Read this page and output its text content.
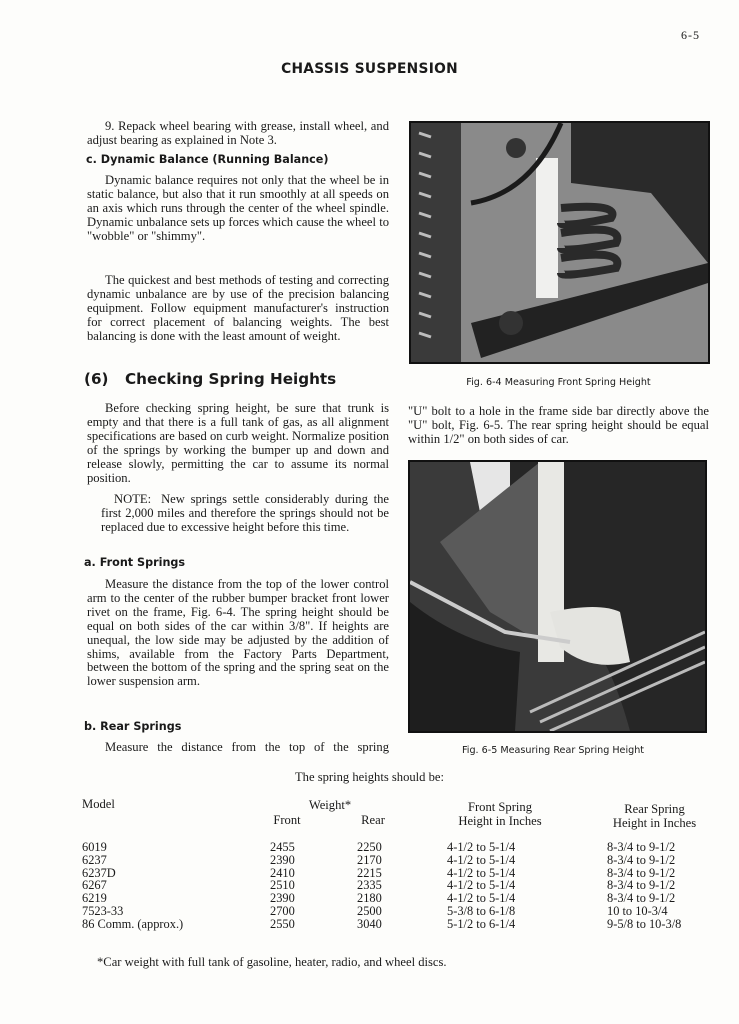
6-5
CHASSIS SUSPENSION
9. Repack wheel bearing with grease, install wheel, and adjust bearing as explained in Note 3.
c. Dynamic Balance (Running Balance)
Dynamic balance requires not only that the wheel be in static balance, but also that it run smoothly at all speeds on an axis which runs through the center of the wheel spindle. Dynamic unbalance sets up forces which cause the wheel to "wobble" or "shimmy".
The quickest and best methods of testing and correcting dynamic unbalance are by use of the precision balancing equipment. Follow equipment manufacturer's instruction for correct placement of balancing weights. The best balancing is done with the least amount of weight.
(6) Checking Spring Heights
Before checking spring height, be sure that trunk is empty and that there is a full tank of gas, as all alignment specifications are based on curb weight. Normalize position of the springs by working the bumper up and down and release slowly, permitting the car to assume its normal position.
NOTE: New springs settle considerably during the first 2,000 miles and therefore the springs should not be replaced due to excessive height before this time.
a. Front Springs
Measure the distance from the top of the lower control arm to the center of the rubber bumper bracket front lower rivet on the frame, Fig. 6-4. The spring height should be equal on both sides of the car within 3/8". If heights are unequal, the low side may be adjusted by the addition of shims, available from the Factory Parts Department, between the bottom of the spring and the spring seat on the lower suspension arm.
b. Rear Springs
Measure the distance from the top of the spring
Fig. 6-4 Measuring Front Spring Height
"U" bolt to a hole in the frame side bar directly above the "U" bolt, Fig. 6-5. The rear spring height should be equal within 1/2" on both sides of car.
Fig. 6-5 Measuring Rear Spring Height
The spring heights should be:
Model	Weight*
Front	Rear
Front Spring
Height in Inches
Rear Spring
Height in Inches
6019	2455	2250	4-1/2 to 5-1/4	8-3/4 to 9-1/2
6237	2390	2170	4-1/2 to 5-1/4	8-3/4 to 9-1/2
6237D	2410	2215	4-1/2 to 5-1/4	8-3/4 to 9-1/2
6267	2510	2335	4-1/2 to 5-1/4	8-3/4 to 9-1/2
6219	2390	2180	4-1/2 to 5-1/4	8-3/4 to 9-1/2
7523-33	2700	2500	5-3/8 to 6-1/8	10 to 10-3/4
86 Comm. (approx.)	2550	3040	5-1/2 to 6-1/4	9-5/8 to 10-3/8
*Car weight with full tank of gasoline, heater, radio, and wheel discs.
